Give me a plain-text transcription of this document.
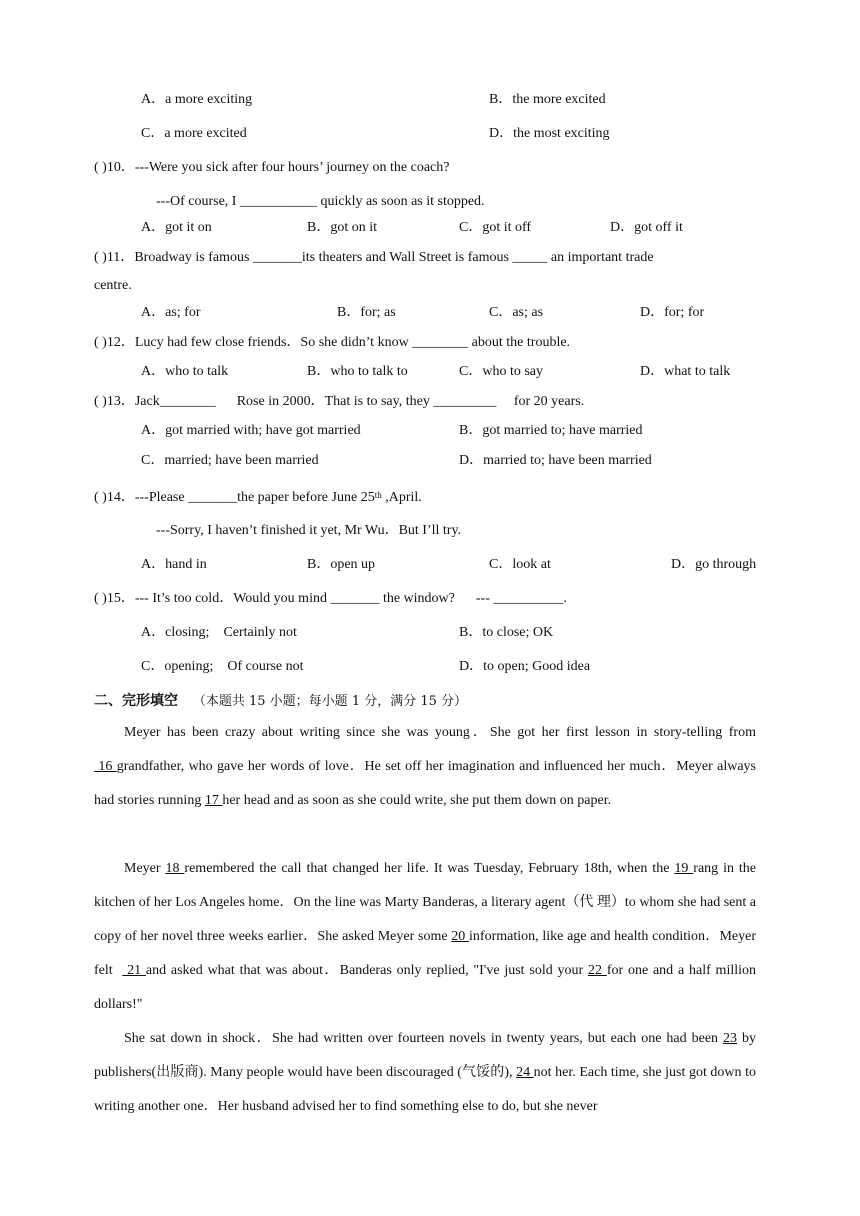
A．a more exciting	B．the more excited
C．a more excited	D．the most exciting
( )10．---Were you sick after four hours’ journey on the coach?
---Of course, I ___________ quickly as soon as it stopped.
A．got it on	B．got on it	C．got it off	D．got off it
( )11．Broadway is famous _______its theaters and Wall Street is famous _____ an important trade
centre.
A．as; for	B．for; as	C．as; as	D．for; for
( )12．Lucy had few close friends．So she didn’t know ________ about the trouble.
A．who to talk	B．who to talk to	C．who to say	D．what to talk
( )13．Jack________      Rose in 2000．That is to say, they _________     for 20 years.
A．got married with; have got married	B．got married to; have married
C．married; have been married	D．married to; have been married
( )14．---Please _______the paper before June 25th ,April.
---Sorry, I haven’t finished it yet, Mr Wu．But I’ll try.
A．hand in	B．open up	C．look at	D．go through
( )15．--- It’s too cold．Would you mind _______ the window?      --- __________.
A．closing;    Certainly not	B．to close; OK
C．opening;    Of course not	D．to open; Good idea
二、完形填空 （本题共 15 小题；每小题 1 分，满分 15 分）
Meyer has been crazy about writing since she was young．She got her first lesson in story-telling from  16 grandfather, who gave her words of love．He set off her imagination and influenced her much．Meyer always had stories running 17 her head and as soon as she could write, she put them down on paper.
Meyer 18 remembered the call that changed her life. It was Tuesday, February 18th, when the 19 rang in the kitchen of her Los Angeles home．On the line was Marty Banderas, a literary agent（代 理）to whom she had sent a copy of her novel three weeks earlier．She asked Meyer some 20 information, like age and health condition．Meyer felt   21 and asked what that was about．Banderas only replied, "I've just sold your 22 for one and a half million dollars!"
She sat down in shock．She had written over fourteen novels in twenty years, but each one had been 23 by publishers(出版商). Many people would have been discouraged (气馁的), 24 not her. Each time, she just got down to writing another one．Her husband advised her to find something else to do, but she never
